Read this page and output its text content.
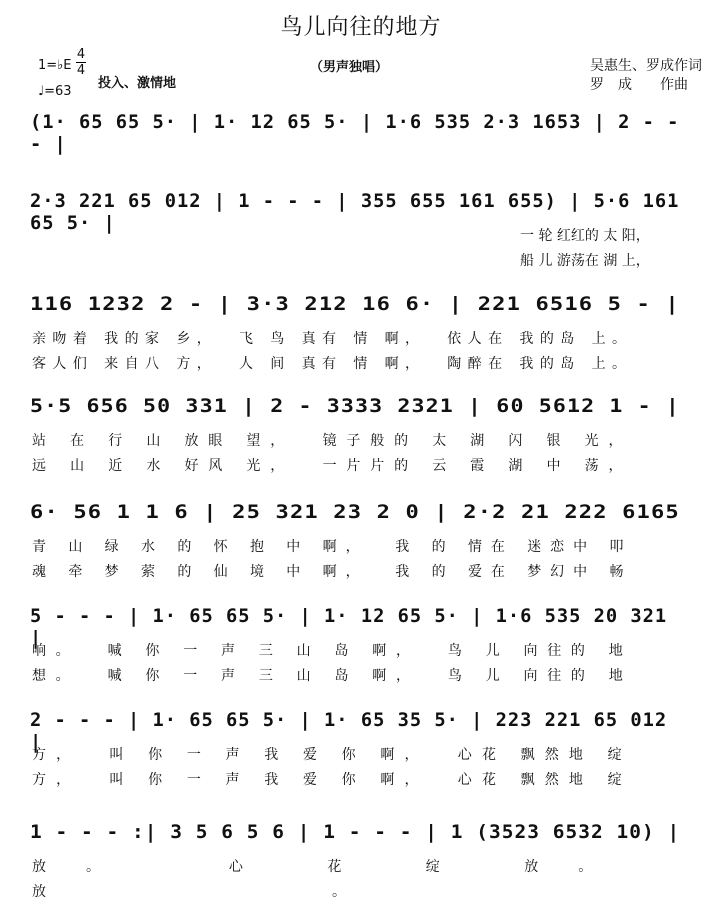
鸟儿向往的地方
（男声独唱）
1=♭E
4
4
♩=63
投入、激情地
吴惠生、罗成作词
罗　成　　作曲
(1· 65 65 5· | 1· 12 65 5· | 1·6 535 2·3 1653 | 2 - - - |
2·3 221 65 012 | 1 - - - | 355 655 161 655) | 5·6 161 65 5· |
116 1232 2 - | 3·3 212 16 6· | 221 6516 5 - |
5·5 656 50 331 | 2 - 3333 2321 | 60 5612 1 - |
6· 56 1 1 6 | 25 321 23 2 0 | 2·2 21 222 6165
5 - - - | 1· 65 65 5· | 1· 12 65 5· | 1·6 535 20 321 |
2 - - - | 1· 65 65 5· | 1· 65 35 5· | 223 221 65 012 |
1 - - - :| 3 5 6 5 6 | 1 - - - | 1 (3523 6532 10) |
一 轮 红红的 太 阳，
船 儿 游荡在 湖 上，
亲吻着 我的家 乡，  飞 鸟 真有 情 啊，  依人在 我的岛 上。
客人们 来自八 方，  人 间 真有 情 啊，  陶醉在 我的岛 上。
站 在 行 山 放眼 望，  镜子般的 太 湖 闪 银 光，
远 山 近 水 好风 光，  一片片的 云 霞 湖 中 荡，
青 山 绿 水 的 怀 抱 中 啊，  我 的 情在 迷恋中 叩
魂 牵 梦 萦 的 仙 境 中 啊，  我 的 爱在 梦幻中 畅
响。  喊 你 一 声 三 山 岛 啊，  鸟 儿 向往的 地
想。  喊 你 一 声 三 山 岛 啊，  鸟 儿 向往的 地
方，  叫 你 一 声 我 爱 你 啊，  心花 飘然地 绽
方，  叫 你 一 声 我 爱 你 啊，  心花 飘然地 绽
放。  心 花 绽 放。
放。
